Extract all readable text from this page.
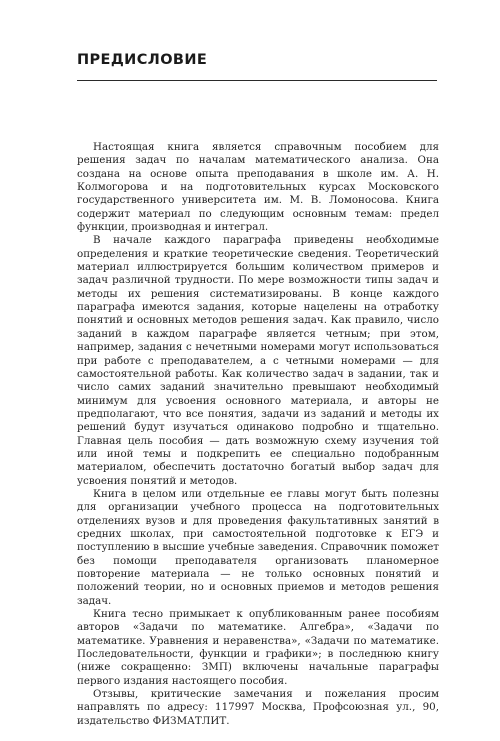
ПРЕДИСЛОВИЕ

Настоящая книга является справочным пособием для решения задач по началам математического анализа. Она создана на основе опыта преподавания в школе им. А. Н. Колмогорова и на подготовительных курсах Московского государственного университета им. М. В. Ломоносова. Книга содержит материал по следующим основным темам: предел функции, производная и интеграл.

В начале каждого параграфа приведены необходимые определения и краткие теоретические сведения. Теоретический материал иллюстрируется большим количеством примеров и задач различной трудности. По мере возможности типы задач и методы их решения систематизированы. В конце каждого параграфа имеются задания, которые нацелены на отработку понятий и основных методов решения задач. Как правило, число заданий в каждом параграфе является четным; при этом, например, задания с нечетными номерами могут использоваться при работе с преподавателем, а с четными номерами — для самостоятельной работы. Как количество задач в задании, так и число самих заданий значительно превышают необходимый минимум для усвоения основного материала, и авторы не предполагают, что все понятия, задачи из заданий и методы их решений будут изучаться одинаково подробно и тщательно. Главная цель пособия — дать возможную схему изучения той или иной темы и подкрепить ее специально подобранным материалом, обеспечить достаточно богатый выбор задач для усвоения понятий и методов.

Книга в целом или отдельные ее главы могут быть полезны для организации учебного процесса на подготовительных отделениях вузов и для проведения факультативных занятий в средних школах, при самостоятельной подготовке к ЕГЭ и поступлению в высшие учебные заведения. Справочник поможет без помощи преподавателя организовать планомерное повторение материала — не только основных понятий и положений теории, но и основных приемов и методов решения задач.

Книга тесно примыкает к опубликованным ранее пособиям авторов «Задачи по математике. Алгебра», «Задачи по математике. Уравнения и неравенства», «Задачи по математике. Последовательности, функции и графики»; в последнюю книгу (ниже сокращенно: ЗМП) включены начальные параграфы первого издания настоящего пособия.

Отзывы, критические замечания и пожелания просим направлять по адресу: 117997 Москва, Профсоюзная ул., 90, издательство ФИЗМАТЛИТ.
